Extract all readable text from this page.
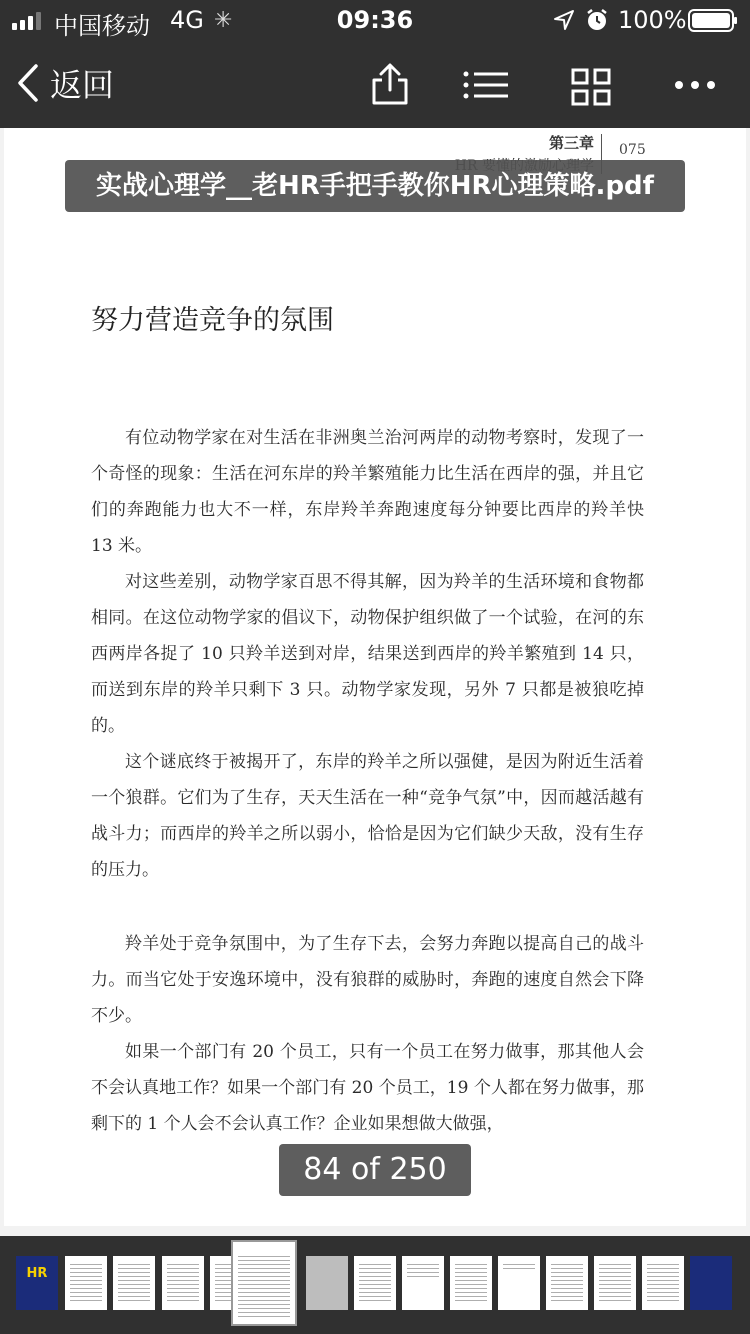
中国移动 4G ✳	09:36	100%
返回
第三章 075
努力营造竞争的氛围

有位动物学家在对生活在非洲奥兰治河两岸的动物考察时，发现了一个奇怪的现象：生活在河东岸的羚羊繁殖能力比生活在西岸的强，并且它们的奔跑能力也大不一样，东岸羚羊奔跑速度每分钟要比西岸的羚羊快 13 米。

对这些差别，动物学家百思不得其解，因为羚羊的生活环境和食物都相同。在这位动物学家的倡议下，动物保护组织做了一个试验，在河的东西两岸各捉了 10 只羚羊送到对岸，结果送到西岸的羚羊繁殖到 14 只，而送到东岸的羚羊只剩下 3 只。动物学家发现，另外 7 只都是被狼吃掉的。

这个谜底终于被揭开了，东岸的羚羊之所以强健，是因为附近生活着一个狼群。它们为了生存，天天生活在一种“竞争气氛”中，因而越活越有战斗力；而西岸的羚羊之所以弱小，恰恰是因为它们缺少天敌，没有生存的压力。

羚羊处于竞争氛围中，为了生存下去，会努力奔跑以提高自己的战斗力。而当它处于安逸环境中，没有狼群的威胁时，奔跑的速度自然会下降不少。

如果一个部门有 20 个员工，只有一个员工在努力做事，那其他人会不会认真地工作？如果一个部门有 20 个员工，19 个人都在努力做事，那剩下的 1 个人会不会认真工作？企业如果想做大做强，

实战心理学__老HR手把手教你HR心理策略.pdf
84 of 250
HR
